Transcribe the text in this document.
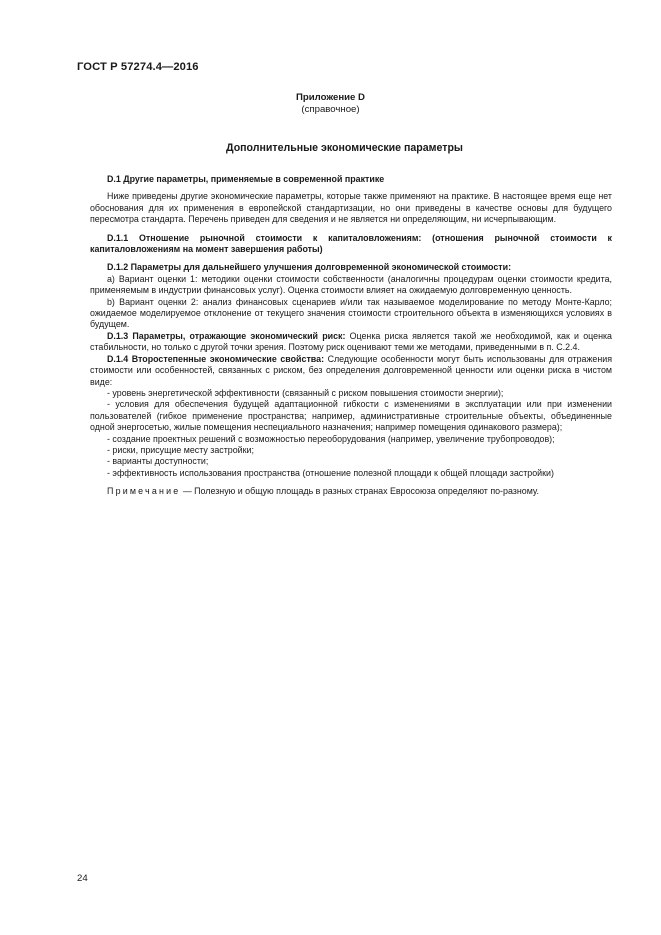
ГОСТ Р 57274.4—2016
Приложение D
(справочное)
Дополнительные экономические параметры

D.1 Другие параметры, применяемые в современной практике

Ниже приведены другие экономические параметры, которые также применяют на практике. В настоящее время еще нет обоснования для их применения в европейской стандартизации, но они приведены в качестве основы для будущего пересмотра стандарта. Перечень приведен для сведения и не является ни определяющим, ни исчерпывающим.

D.1.1 Отношение рыночной стоимости к капиталовложениям: (отношения рыночной стоимости к капиталовложениям на момент завершения работы)

D.1.2 Параметры для дальнейшего улучшения долговременной экономической стоимости:

а) Вариант оценки 1: методики оценки стоимости собственности (аналогичны процедурам оценки стоимости кредита, применяемым в индустрии финансовых услуг). Оценка стоимости влияет на ожидаемую долговременную ценность.

b) Вариант оценки 2: анализ финансовых сценариев и/или так называемое моделирование по методу Монте-Карло; ожидаемое моделируемое отклонение от текущего значения стоимости строительного объекта в изменяющихся условиях в будущем.

D.1.3 Параметры, отражающие экономический риск: Оценка риска является такой же необходимой, как и оценка стабильности, но только с другой точки зрения. Поэтому риск оценивают теми же методами, приведенными в п. С.2.4.

D.1.4 Второстепенные экономические свойства: Следующие особенности могут быть использованы для отражения стоимости или особенностей, связанных с риском, без определения долговременной ценности или оценки риска в чистом виде:

- уровень энергетической эффективности (связанный с риском повышения стоимости энергии);

- условия для обеспечения будущей адаптационной гибкости с изменениями в эксплуатации или при изменении пользователей (гибкое применение пространства; например, административные строительные объекты, объединенные одной энергосетью, жилые помещения неспециального назначения; например помещения одинакового размера);

- создание проектных решений с возможностью переоборудования (например, увеличение трубопроводов);

- риски, присущие месту застройки;

- варианты доступности;

- эффективность использования пространства (отношение полезной площади к общей площади застройки)

Примечание — Полезную и общую площадь в разных странах Евросоюза определяют по-разному.

24
